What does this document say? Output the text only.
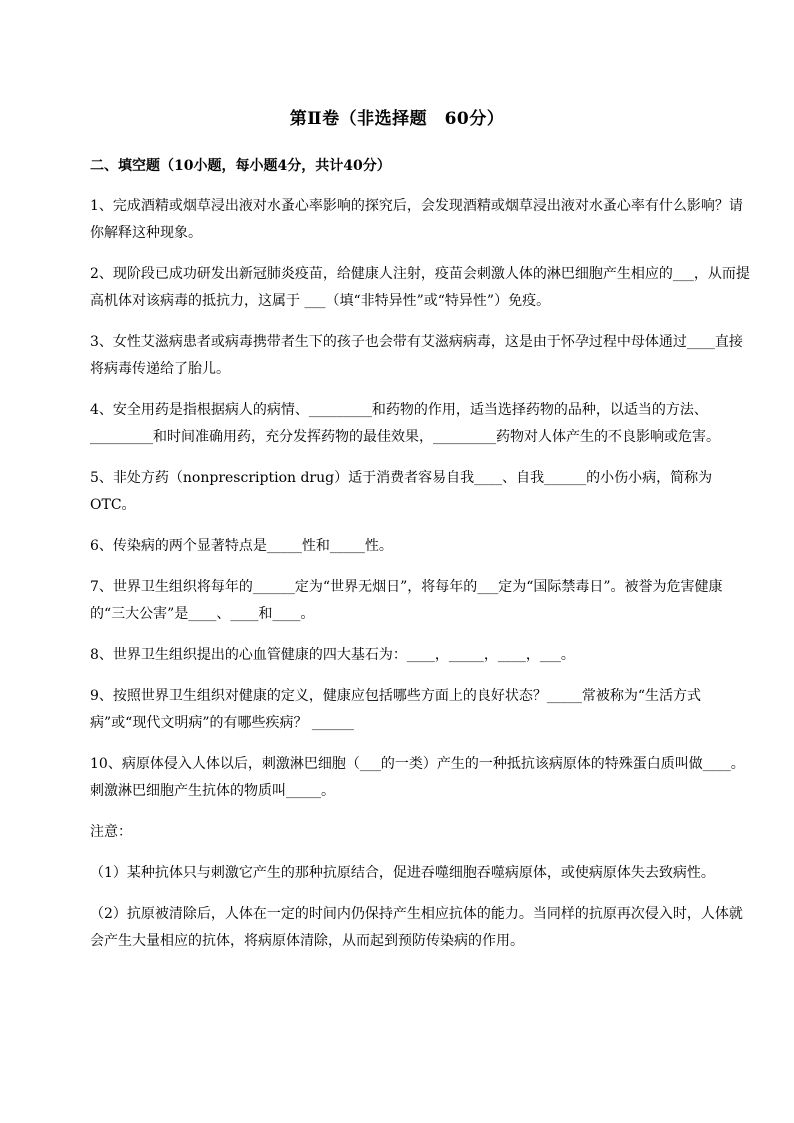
第Ⅱ卷（非选择题　60分）
二、填空题（10小题，每小题4分，共计40分）
1、完成酒精或烟草浸出液对水蚤心率影响的探究后，会发现酒精或烟草浸出液对水蚤心率有什么影响？请你解释这种现象。
2、现阶段已成功研发出新冠肺炎疫苗，给健康人注射，疫苗会刺激人体的淋巴细胞产生相应的___，从而提高机体对该病毒的抵抗力，这属于 ___（填“非特异性”或“特异性”）免疫。
3、女性艾滋病患者或病毒携带者生下的孩子也会带有艾滋病病毒，这是由于怀孕过程中母体通过____直接将病毒传递给了胎儿。
4、安全用药是指根据病人的病情、_________和药物的作用，适当选择药物的品种，以适当的方法、_________和时间准确用药，充分发挥药物的最佳效果，_________药物对人体产生的不良影响或危害。
5、非处方药（nonprescription drug）适于消费者容易自我____、自我______的小伤小病，简称为OTC。
6、传染病的两个显著特点是_____性和_____性。
7、世界卫生组织将每年的______定为“世界无烟日”，将每年的___定为“国际禁毒日”。被誉为危害健康的“三大公害”是____、____和____。
8、世界卫生组织提出的心血管健康的四大基石为：____，_____，____，___。
9、按照世界卫生组织对健康的定义，健康应包括哪些方面上的良好状态？_____常被称为“生活方式病”或“现代文明病”的有哪些疾病？ ______
10、病原体侵入人体以后，刺激淋巴细胞（___的一类）产生的一种抵抗该病原体的特殊蛋白质叫做____。刺激淋巴细胞产生抗体的物质叫_____。
注意：
（1）某种抗体只与刺激它产生的那种抗原结合，促进吞噬细胞吞噬病原体，或使病原体失去致病性。
（2）抗原被清除后，人体在一定的时间内仍保持产生相应抗体的能力。当同样的抗原再次侵入时，人体就会产生大量相应的抗体，将病原体清除，从而起到预防传染病的作用。
